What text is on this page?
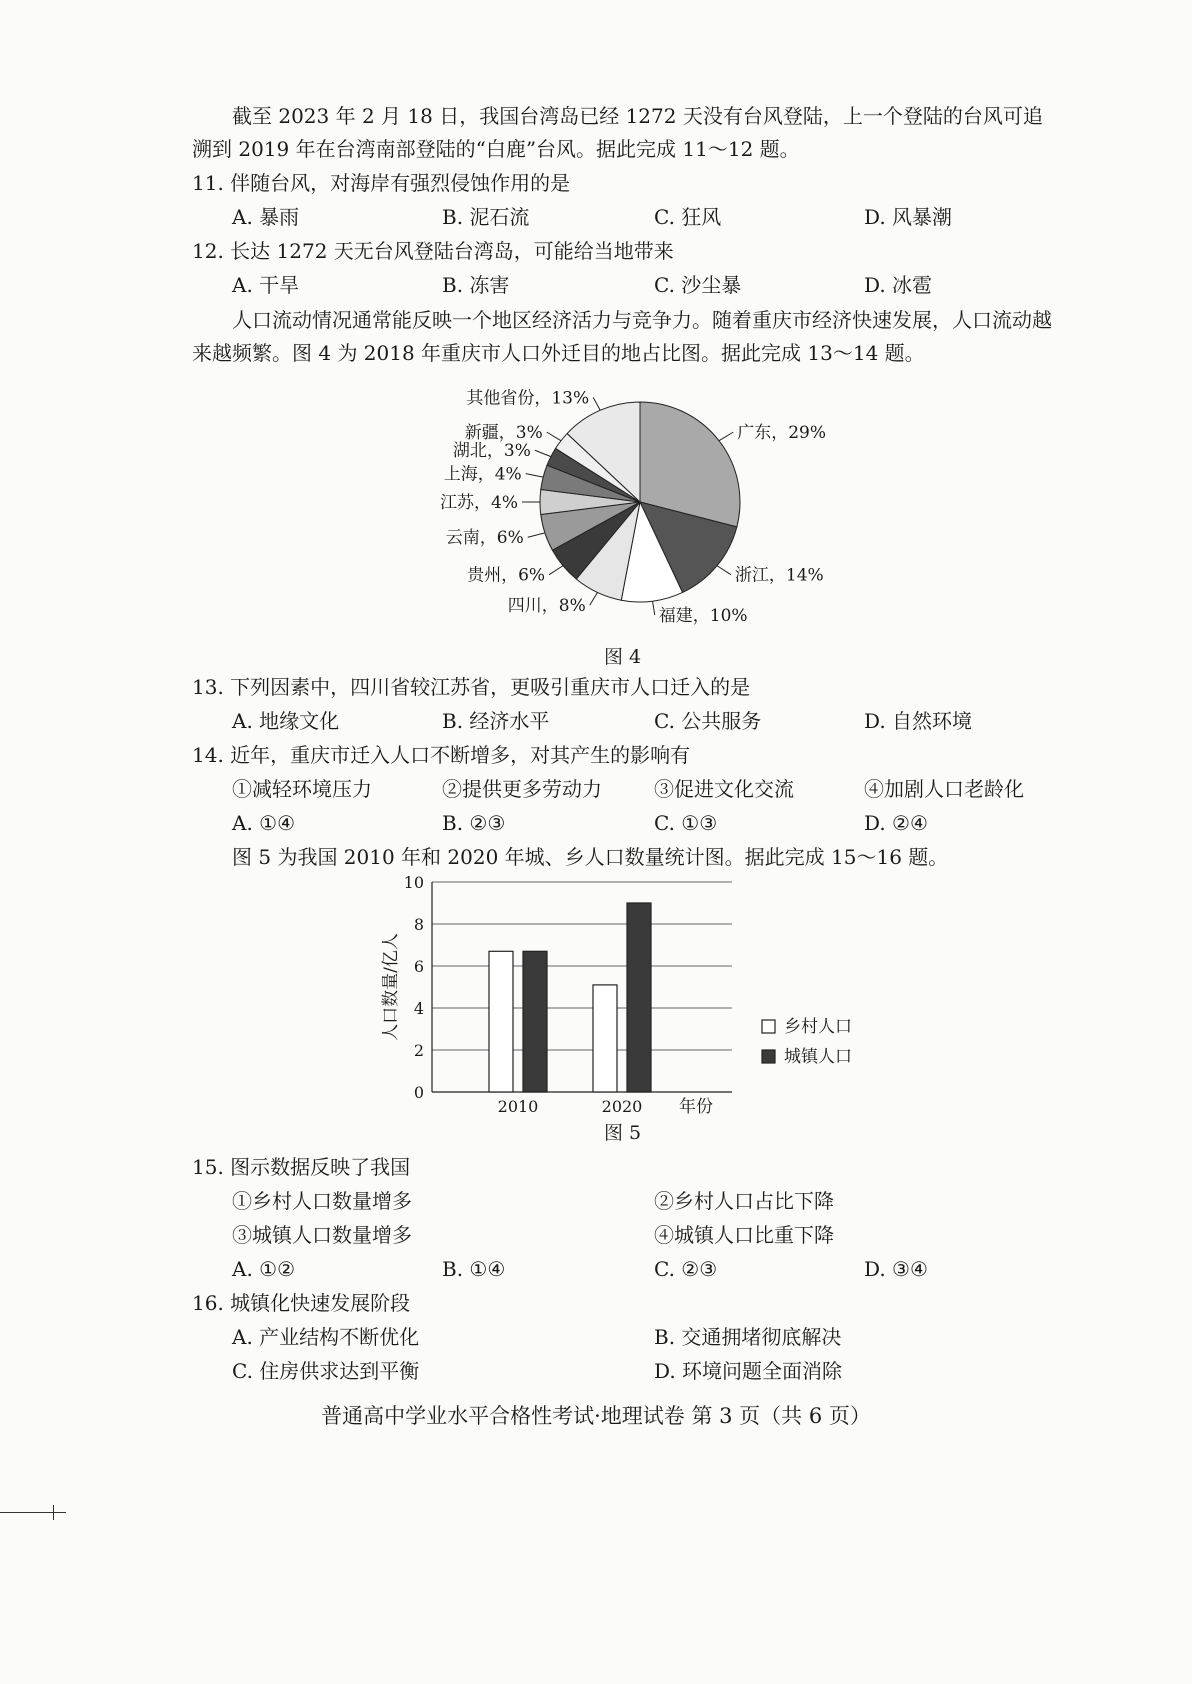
截至 2023 年 2 月 18 日，我国台湾岛已经 1272 天没有台风登陆，上一个登陆的台风可追溯到 2019 年在台湾南部登陆的“白鹿”台风。据此完成 11～12 题。
11. 伴随台风，对海岸有强烈侵蚀作用的是
A. 暴雨	B. 泥石流	C. 狂风	D. 风暴潮
12. 长达 1272 天无台风登陆台湾岛，可能给当地带来
A. 干旱	B. 冻害	C. 沙尘暴	D. 冰雹
人口流动情况通常能反映一个地区经济活力与竞争力。随着重庆市经济快速发展，人口流动越来越频繁。图 4 为 2018 年重庆市人口外迁目的地占比图。据此完成 13～14 题。
广东，29%
浙江，14%
福建，10%
四川，8%
贵州，6%
云南，6%
江苏，4%
上海，4%
湖北，3%
新疆，3%
其他省份，13%
图 4
13. 下列因素中，四川省较江苏省，更吸引重庆市人口迁入的是
A. 地缘文化	B. 经济水平	C. 公共服务	D. 自然环境
14. 近年，重庆市迁入人口不断增多，对其产生的影响有
①减轻环境压力	②提供更多劳动力	③促进文化交流	④加剧人口老龄化
A. ①④	B. ②③	C. ①③	D. ②④
图 5 为我国 2010 年和 2020 年城、乡人口数量统计图。据此完成 15～16 题。
0
2
4
6
8
10
人口数量/亿人
2010	2020 年份
乡村人口
城镇人口
图 5
15. 图示数据反映了我国
①乡村人口数量增多	②乡村人口占比下降
③城镇人口数量增多	④城镇人口比重下降
A. ①②	B. ①④	C. ②③	D. ③④
16. 城镇化快速发展阶段
A. 产业结构不断优化	B. 交通拥堵彻底解决
C. 住房供求达到平衡	D. 环境问题全面消除
普通高中学业水平合格性考试·地理试卷 第 3 页（共 6 页）
